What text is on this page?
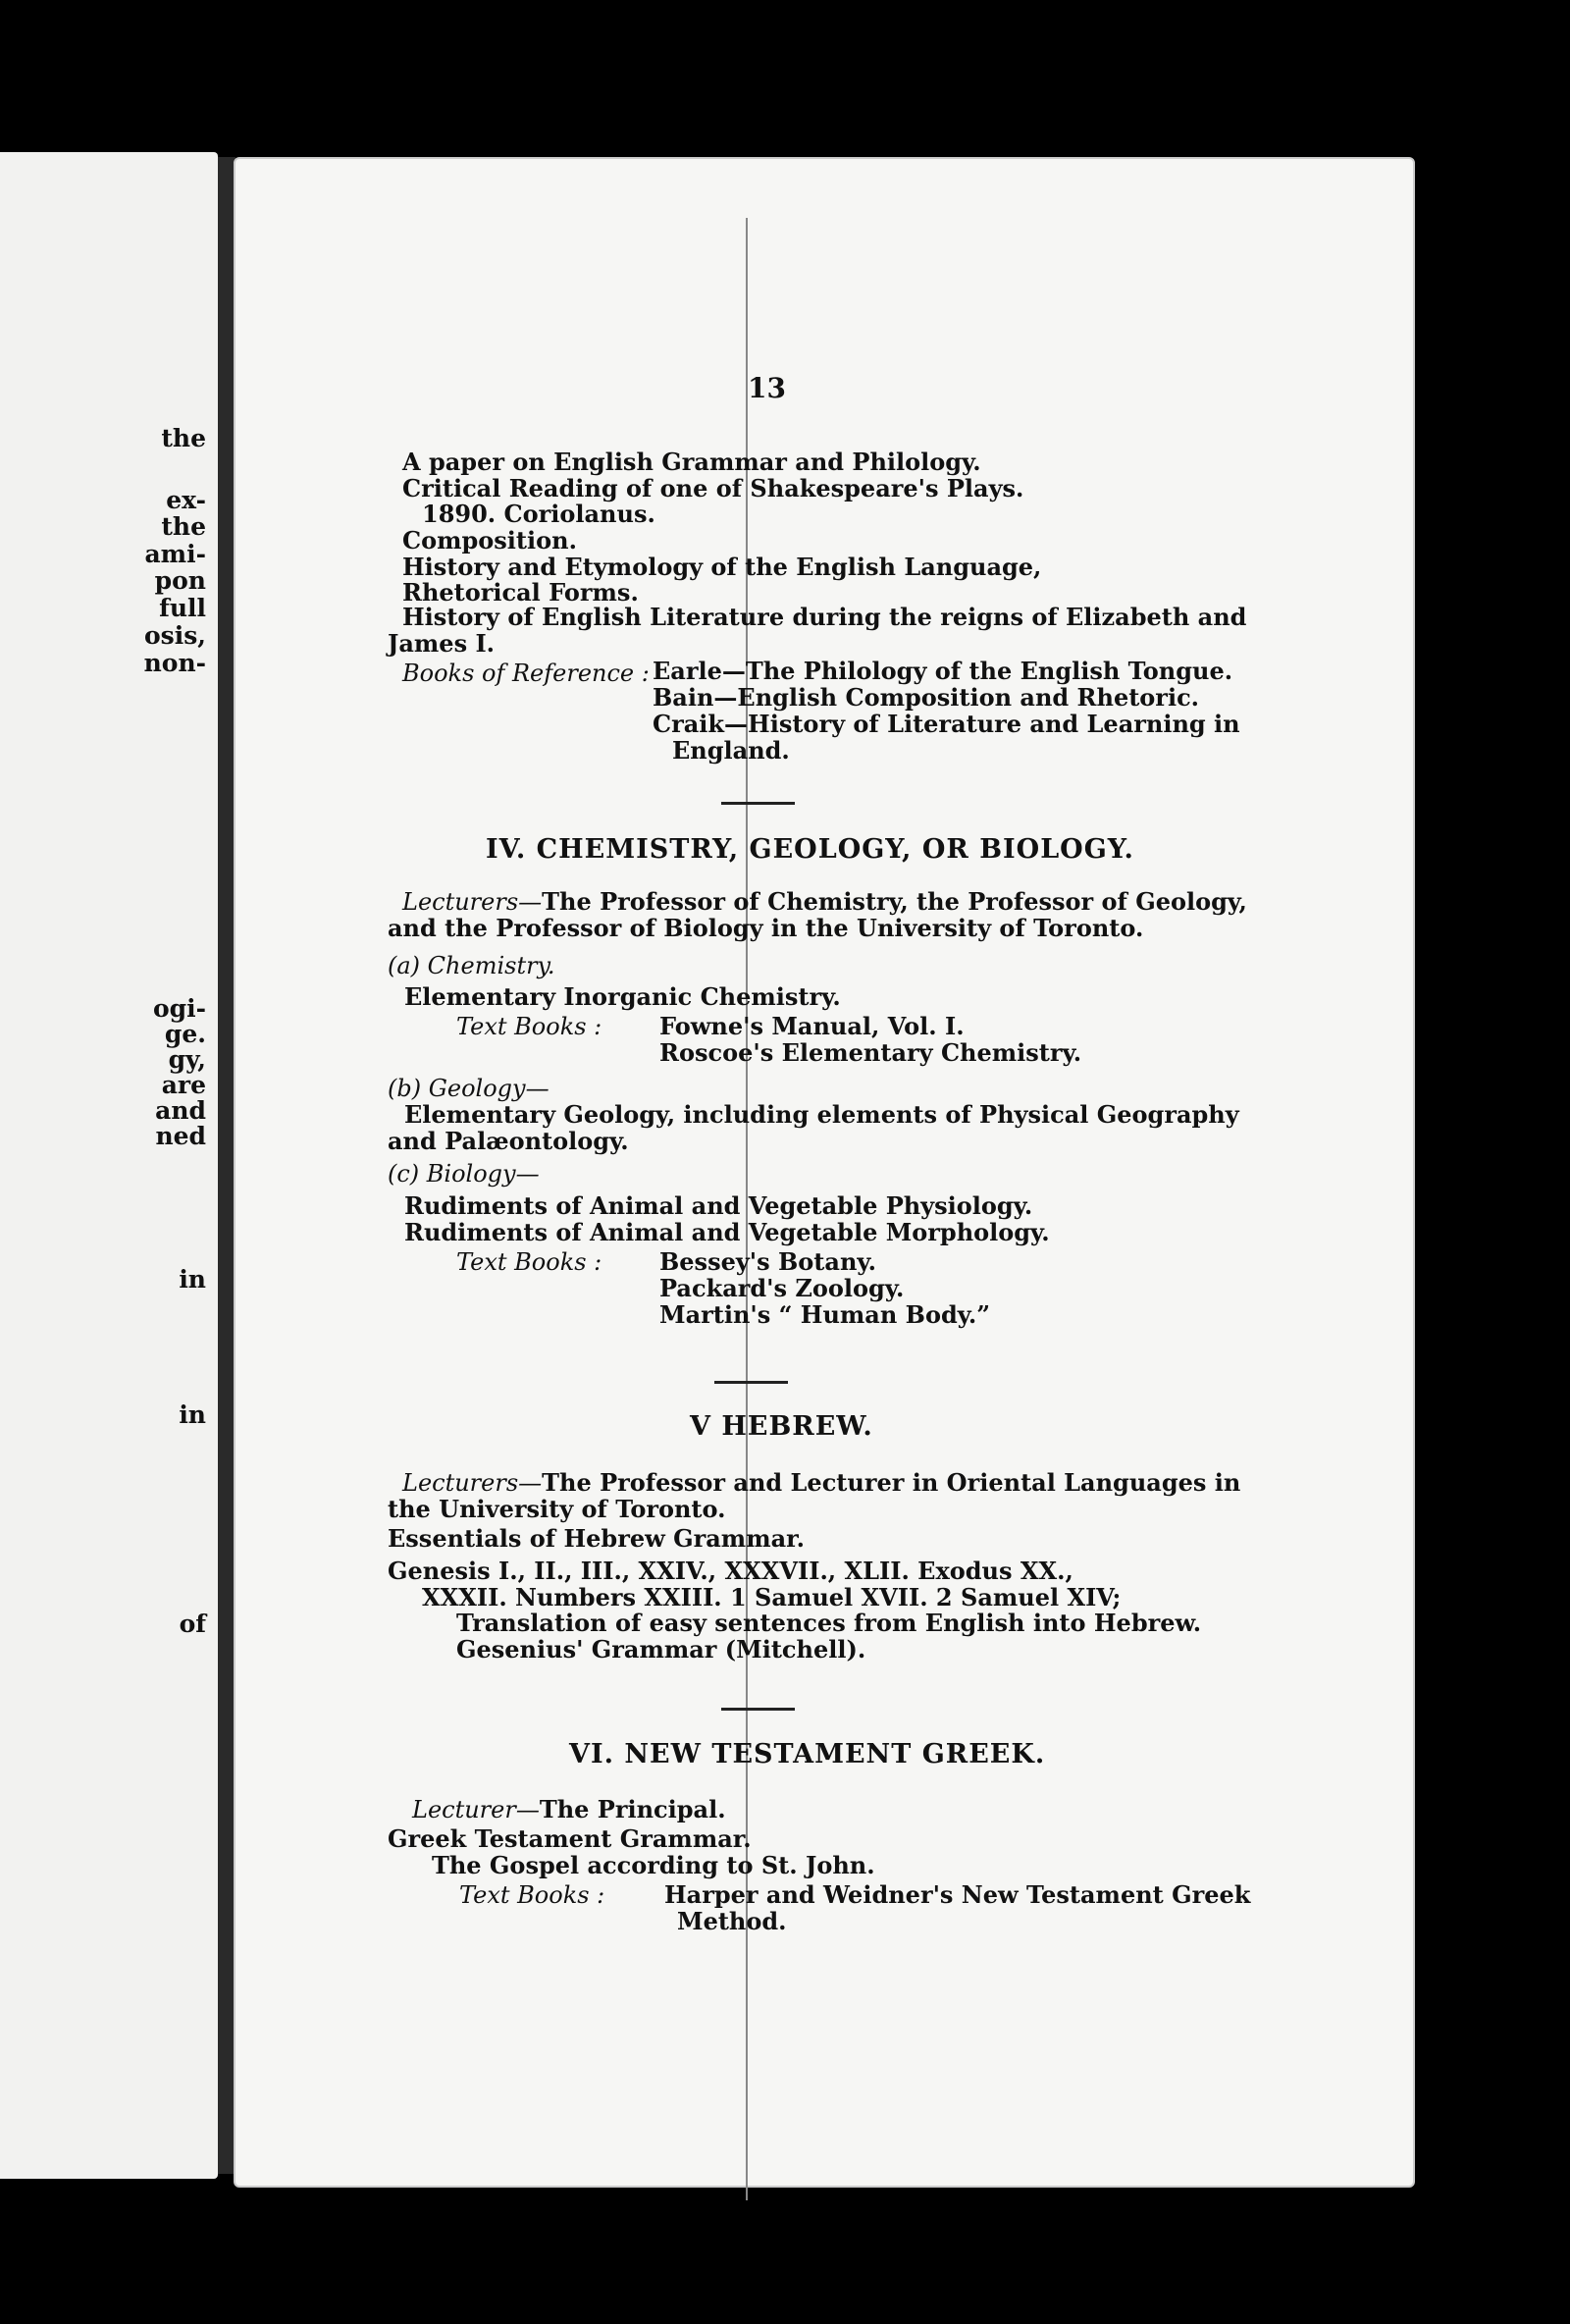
the
ex-
the
ami-
pon
full
osis,
non-
ogi-
ge.
gy,
are
and
ned
in
in
of
13
A paper on English Grammar and Philology.
Critical Reading of one of Shakespeare's Plays.
1890. Coriolanus.
Composition.
History and Etymology of the English Language,
Rhetorical Forms.
History of English Literature during the reigns of Elizabeth and
James I.
Books of Reference : Earle—The Philology of the English Tongue.
Bain—English Composition and Rhetoric.
Craik—History of Literature and Learning in
England.
IV. CHEMISTRY, GEOLOGY, OR BIOLOGY.
Lecturers—The Professor of Chemistry, the Professor of Geology,
and the Professor of Biology in the University of Toronto.
(a) Chemistry.
Elementary Inorganic Chemistry.
Text Books : Fowne's Manual, Vol. I.
Roscoe's Elementary Chemistry.
(b) Geology—
Elementary Geology, including elements of Physical Geography
and Palæontology.
(c) Biology—
Rudiments of Animal and Vegetable Physiology.
Rudiments of Animal and Vegetable Morphology.
Text Books : Bessey's Botany.
Packard's Zoology.
Martin's “ Human Body.”
V HEBREW.
Lecturers—The Professor and Lecturer in Oriental Languages in
the University of Toronto.
Essentials of Hebrew Grammar.
Genesis I., II., III., XXIV., XXXVII., XLII. Exodus XX.,
XXXII. Numbers XXIII. 1 Samuel XVII. 2 Samuel XIV;
Translation of easy sentences from English into Hebrew.
Gesenius' Grammar (Mitchell).
VI. NEW TESTAMENT GREEK.
Lecturer—The Principal.
Greek Testament Grammar.
The Gospel according to St. John.
Text Books :	Harper and Weidner's New Testament Greek
Method.
